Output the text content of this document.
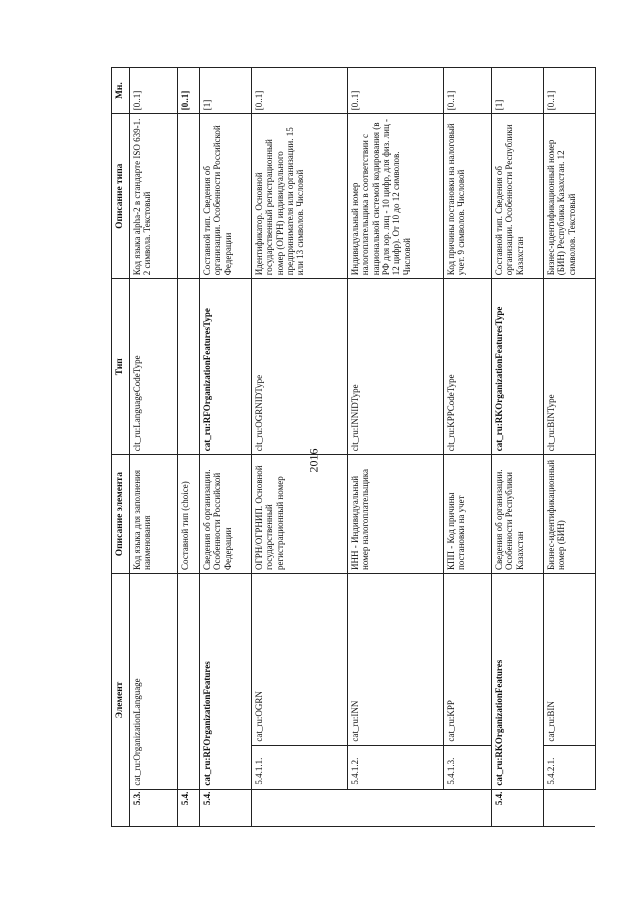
2016
Элемент			Описание элемента	Тип	Описание типа	Мн.
5.3.	cat_ru:OrganizationLanguage		Код языка для заполнения наименования	clt_ru:LanguageCodeType	Код языка alpha-2 в стандарте ISO 639-1. 2 символа. Текстовый	[0..1]
5.4.			Составной тип (choice)			[0..1]
5.4.	cat_ru:RFOrganizationFeatures		Сведения об организации. Особенности Российской Федерации	cat_ru:RFOrganizationFeaturesType	Составной тип. Сведения об организации. Особенности Российской Федерации	[1]
	5.4.1.1.	cat_ru:OGRN	ОГРН/ОГРНИП. Основной государственный регистрационный номер	clt_ru:OGRNIDType	Идентификатор. Основной государственный регистрационный номер (ОГРН) индивидуального предпринимателя или организации. 15 или 13 символов. Числовой	[0..1]
	5.4.1.2.	cat_ru:INN	ИНН - Индивидуальный номер налогоплательщика	clt_ru:INNIDType	Индивидуальный номер налогоплательщика в соответствии с национальной системой кодирования (в РФ для юр. лиц - 10 цифр, для физ. лиц - 12 цифр). От 10 до 12 символов. Числовой	[0..1]
	5.4.1.3.	cat_ru:KPP	КПП - Код причины постановки на учет	clt_ru:KPPCodeType	Код причины постановки на налоговый учет. 9 символов. Числовой	[0..1]
5.4.	cat_ru:RKOrganizationFeatures		Сведения об организации. Особенности Республики Казахстан	cat_ru:RKOrganizationFeaturesType	Составной тип. Сведения об организации. Особенности Республики Казахстан	[1]
	5.4.2.1.	cat_ru:BIN	Бизнес-идентификационный номер (БИН)	clt_ru:BINType	Бизнес-идентификационный номер (БИН) Республика Казахстан. 12 символов. Текстовый	[0..1]
